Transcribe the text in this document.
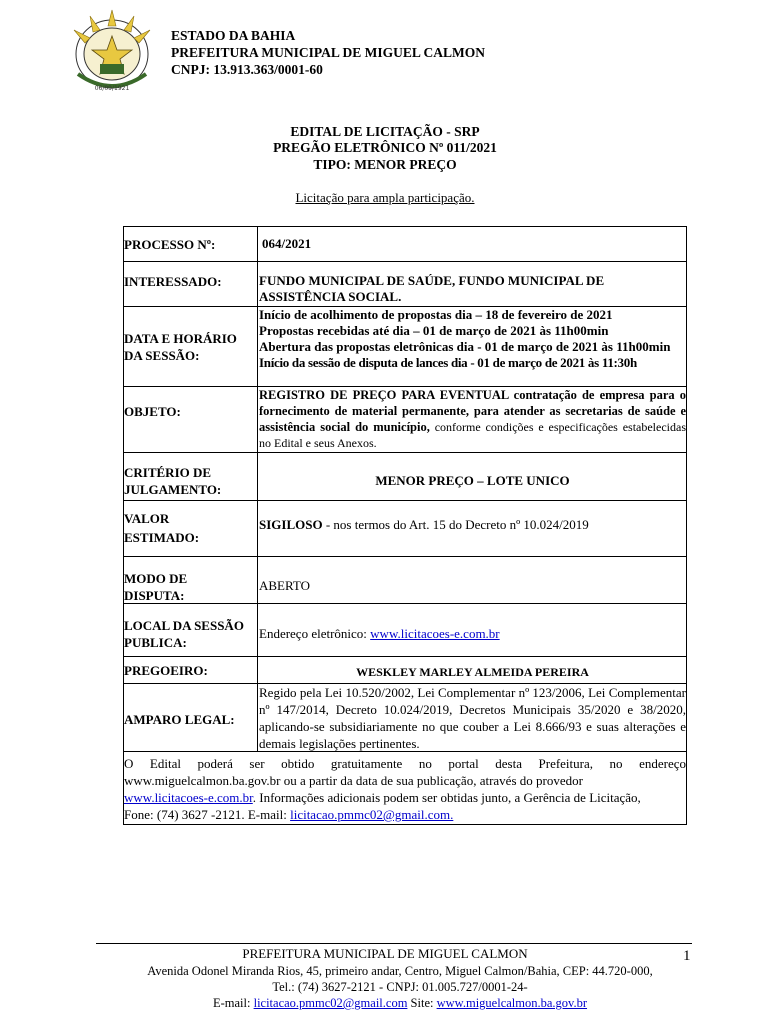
06/09/1921
ESTADO DA BAHIA
PREFEITURA MUNICIPAL DE MIGUEL CALMON
CNPJ: 13.913.363/0001-60
EDITAL DE LICITAÇÃO - SRP
PREGÃO ELETRÔNICO Nº 011/2021
TIPO: MENOR PREÇO
Licitação para ampla participação.
PROCESSO Nº:	064/2021
INTERESSADO:	FUNDO MUNICIPAL DE SAÚDE, FUNDO MUNICIPAL DE ASSISTÊNCIA SOCIAL.
DATA E HORÁRIO DA SESSÃO:
Início de acolhimento de propostas dia – 18 de fevereiro de 2021
Propostas recebidas até dia – 01 de março de 2021 às 11h00min
Abertura das propostas eletrônicas dia - 01 de março de 2021 às 11h00min
Início da sessão de disputa de lances dia - 01 de março de 2021 às 11:30h
OBJETO:
REGISTRO DE PREÇO PARA EVENTUAL contratação de empresa para o fornecimento de material permanente, para atender as secretarias de saúde e assistência social do município, conforme condições e especificações estabelecidas no Edital e seus Anexos.
CRITÉRIO DE JULGAMENTO:
MENOR PREÇO – LOTE UNICO
VALOR
ESTIMADO:
SIGILOSO - nos termos do Art. 15 do Decreto nº 10.024/2019
MODO DE DISPUTA:
ABERTO
LOCAL DA SESSÃO
PUBLICA:
Endereço eletrônico: www.licitacoes-e.com.br
PREGOEIRO:	WESKLEY MARLEY ALMEIDA PEREIRA
AMPARO LEGAL:
Regido pela Lei 10.520/2002, Lei Complementar nº 123/2006, Lei Complementar nº 147/2014, Decreto 10.024/2019, Decretos Municipais 35/2020 e 38/2020, aplicando-se subsidiariamente no que couber a Lei 8.666/93 e suas alterações e demais legislações pertinentes.
O Edital poderá ser obtido gratuitamente no portal desta Prefeitura, no endereço
www.miguelcalmon.ba.gov.br ou a partir da data de sua publicação, através do provedor
www.licitacoes-e.com.br. Informações adicionais podem ser obtidas junto, a Gerência de Licitação,
Fone: (74) 3627 -2121. E-mail: licitacao.pmmc02@gmail.com.
PREFEITURA MUNICIPAL DE MIGUEL CALMON	1
Avenida Odonel Miranda Rios, 45, primeiro andar, Centro, Miguel Calmon/Bahia, CEP: 44.720-000,
Tel.: (74) 3627-2121 - CNPJ: 01.005.727/0001-24-
E-mail: licitacao.pmmc02@gmail.com Site: www.miguelcalmon.ba.gov.br
